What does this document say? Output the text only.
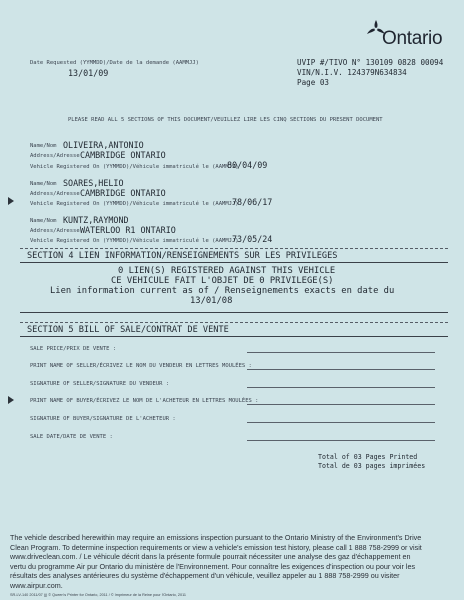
Ontario
Date Requested (YYMMDD)/Date de la demande (AAMMJJ)
13/01/09
UVIP #/TIVO N° 130109 0828 00094
VIN/N.I.V. 124379N634834
Page 03
PLEASE READ ALL 5 SECTIONS OF THIS DOCUMENT/VEUILLEZ LIRE LES CINQ SECTIONS DU PRESENT DOCUMENT
Name/Nom OLIVEIRA,ANTONIO
Address/Adresse CAMBRIDGE ONTARIO
Vehicle Registered On (YYMMDD)/Véhicule immatriculé le (AAMMJJ)
80/04/09
Name/Nom SOARES,HELIO
Address/Adresse CAMBRIDGE ONTARIO
Vehicle Registered On (YYMMDD)/Véhicule immatriculé le (AAMMJJ)
78/06/17
Name/Nom KUNTZ,RAYMOND
Address/Adresse WATERLOO R1 ONTARIO
Vehicle Registered On (YYMMDD)/Véhicule immatriculé le (AAMMJJ)
73/05/24
SECTION 4 LIEN INFORMATION/RENSEIGNEMENTS SUR LES PRIVILEGES
0 LIEN(S) REGISTERED AGAINST THIS VEHICLE
CE VEHICULE FAIT L'OBJET DE 0 PRIVILEGE(S)
Lien information current as of / Renseignements exacts en date du
13/01/08
SECTION 5 BILL OF SALE/CONTRAT DE VENTE
SALE PRICE/PRIX DE VENTE :
PRINT NAME OF SELLER/ÉCRIVEZ LE NOM DU VENDEUR EN LETTRES MOULÉES :
SIGNATURE OF SELLER/SIGNATURE DU VENDEUR :
PRINT NAME OF BUYER/ÉCRIVEZ LE NOM DE L'ACHETEUR EN LETTRES MOULÉES :
SIGNATURE OF BUYER/SIGNATURE DE L'ACHETEUR :
SALE DATE/DATE DE VENTE :
Total of 03 Pages Printed
Total de 03 pages imprimées
The vehicle described herewithin may require an emissions inspection pursuant to the Ontario Ministry of the Environment's Drive
Clean Program. To determine inspection requirements or view a vehicle's emission test history, please call 1 888 758-2999 or visit
www.driveclean.com. / Le véhicule décrit dans la présente formule pourrait nécessiter une analyse des gaz d'échappement en
vertu du programme Air pur Ontario du ministère de l'Environnement. Pour connaître les exigences d'inspection ou pour voir les
résultats des analyses antérieures du système d'échappement d'un véhicule, veuillez appeler au 1 888 758-2999 ou visiter
www.airpur.com.
SR-LV-140 2011/07 (j) © Queen's Printer for Ontario, 2011 / © Imprimeur de la Reine pour l'Ontario, 2011
